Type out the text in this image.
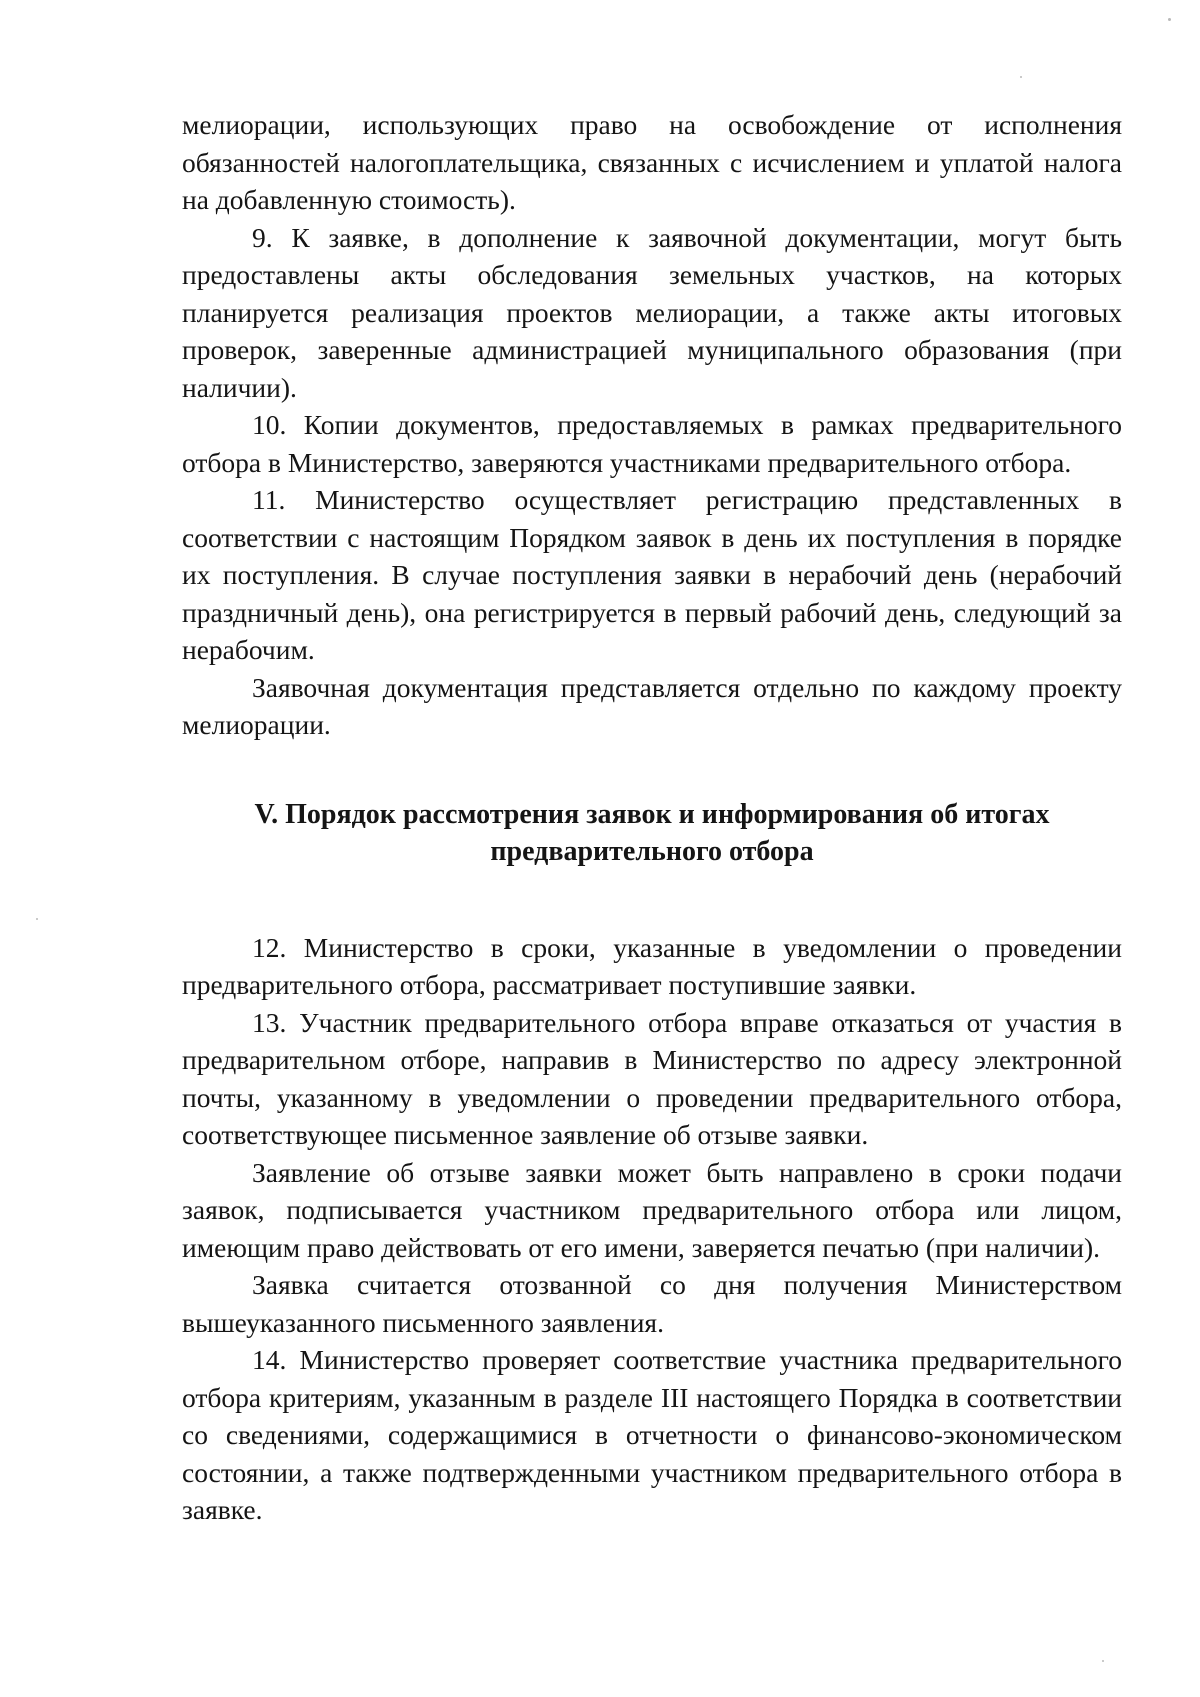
мелиорации, использующих право на освобождение от исполнения обязанностей налогоплательщика, связанных с исчислением и уплатой налога на добавленную стоимость).

9. К заявке, в дополнение к заявочной документации, могут быть предоставлены акты обследования земельных участков, на которых планируется реализация проектов мелиорации, а также акты итоговых проверок, заверенные администрацией муниципального образования (при наличии).

10. Копии документов, предоставляемых в рамках предварительного отбора в Министерство, заверяются участниками предварительного отбора.

11. Министерство осуществляет регистрацию представленных в соответствии с настоящим Порядком заявок в день их поступления в порядке их поступления. В случае поступления заявки в нерабочий день (нерабочий праздничный день), она регистрируется в первый рабочий день, следующий за нерабочим.

Заявочная документация представляется отдельно по каждому проекту мелиорации.

V. Порядок рассмотрения заявок и информирования об итогах
предварительного отбора

12. Министерство в сроки, указанные в уведомлении о проведении предварительного отбора, рассматривает поступившие заявки.

13. Участник предварительного отбора вправе отказаться от участия в предварительном отборе, направив в Министерство по адресу электронной почты, указанному в уведомлении о проведении предварительного отбора, соответствующее письменное заявление об отзыве заявки.

Заявление об отзыве заявки может быть направлено в сроки подачи заявок, подписывается участником предварительного отбора или лицом, имеющим право действовать от его имени, заверяется печатью (при наличии).

Заявка считается отозванной со дня получения Министерством вышеуказанного письменного заявления.

14. Министерство проверяет соответствие участника предварительного отбора критериям, указанным в разделе III настоящего Порядка в соответствии со сведениями, содержащимися в отчетности о финансово-экономическом состоянии, а также подтвержденными участником предварительного отбора в заявке.
